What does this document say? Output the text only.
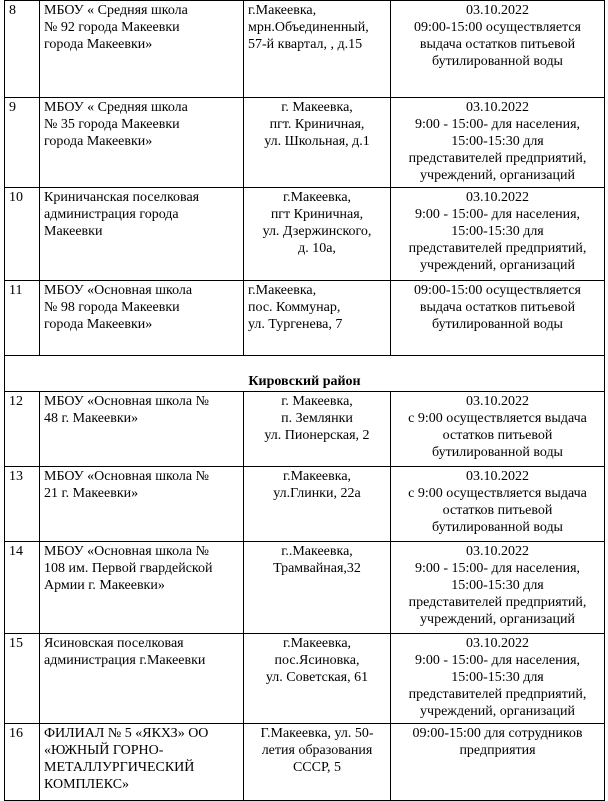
8	МБОУ « Средняя школа
№ 92 города Макеевки
города Макеевки»	г.Макеевка,
мрн.Объединенный,
57-й квартал, , д.15	03.10.2022
09:00-15:00 осуществляется
выдача остатков питьевой
бутилированной воды

9	МБОУ « Средняя школа
№ 35 города Макеевки
города Макеевки»	г. Макеевка,
пгт. Криничная,
ул. Школьная, д.1	03.10.2022
9:00 - 15:00- для населения,
15:00-15:30 для
представителей предприятий,
учреждений, организаций

10	Криничанская поселковая
администрация города
Макеевки	г.Макеевка,
пгт Криничная,
ул. Дзержинского,
д. 10а,	03.10.2022
9:00 - 15:00- для населения,
15:00-15:30 для
представителей предприятий,
учреждений, организаций

11	МБОУ «Основная школа
№ 98 города Макеевки
города Макеевки»	г.Макеевка,
пос. Коммунар,
ул. Тургенева, 7	09:00-15:00 осуществляется
выдача остатков питьевой
бутилированной воды

Кировский район			
12	МБОУ «Основная школа №
48 г. Макеевки»	г. Макеевка,
п. Землянки
ул. Пионерская, 2	03.10.2022
с 9:00 осуществляется выдача
остатков питьевой
бутилированной воды

13	МБОУ «Основная школа №
21 г. Макеевки»	г.Макеевка,
ул.Глинки, 22а	03.10.2022
с 9:00 осуществляется выдача
остатков питьевой
бутилированной воды

14	МБОУ «Основная школа №
108 им. Первой гвардейской
Армии г. Макеевки»	г..Макеевка,
Трамвайная,32	03.10.2022
9:00 - 15:00- для населения,
15:00-15:30 для
представителей предприятий,
учреждений, организаций

15	Ясиновская поселковая
администрация г.Макеевки	г.Макеевка,
пос.Ясиновка,
ул. Советская, 61	03.10.2022
9:00 - 15:00- для населения,
15:00-15:30 для
представителей предприятий,
учреждений, организаций

16	ФИЛИАЛ № 5 «ЯКХЗ» ОО
«ЮЖНЫЙ ГОРНО-
МЕТАЛЛУРГИЧЕСКИЙ
КОМПЛЕКС»	Г.Макеевка, ул. 50-
летия образования
СССР, 5	09:00-15:00 для сотрудников
предприятия
